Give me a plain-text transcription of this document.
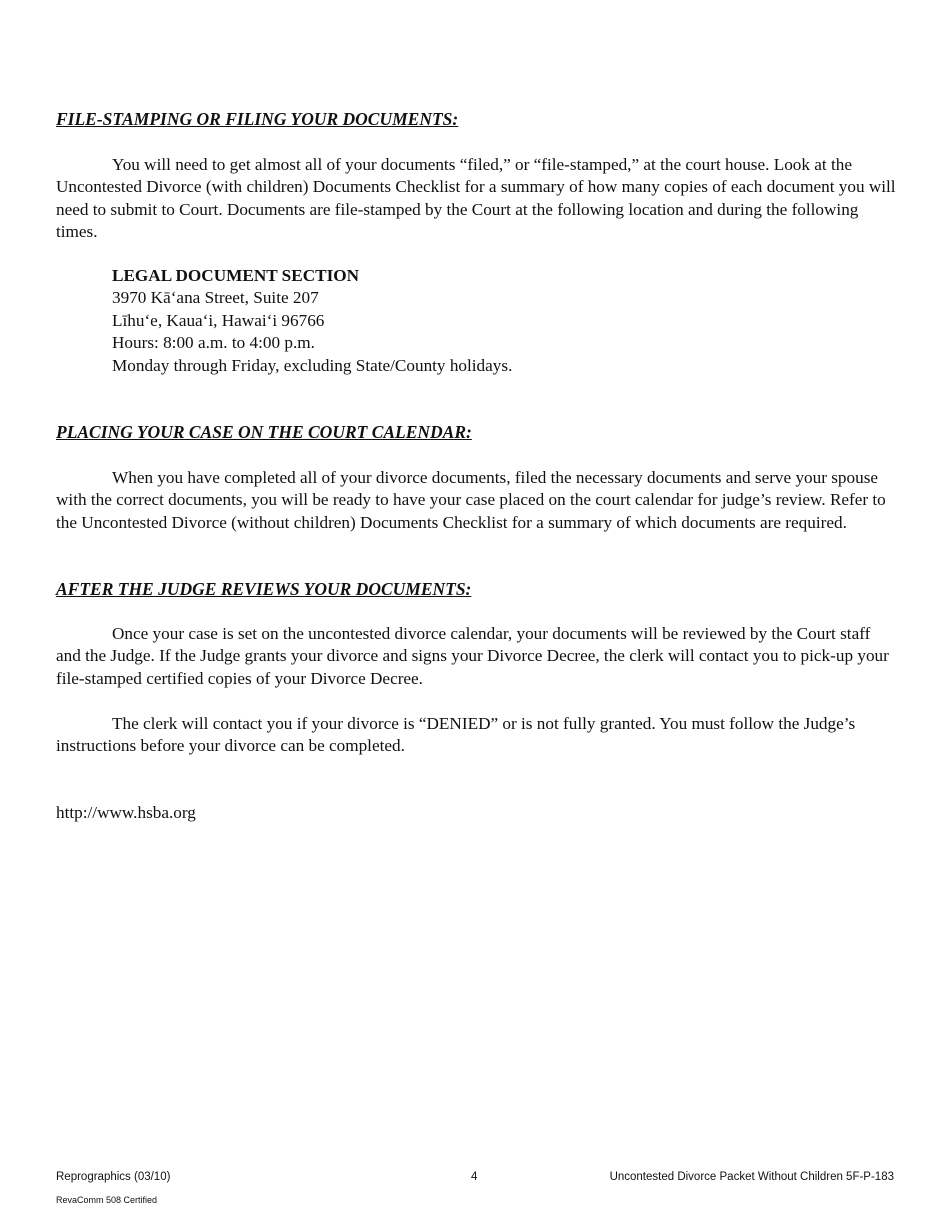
FILE-STAMPING OR FILING YOUR DOCUMENTS:

You will need to get almost all of your documents “filed,” or “file-stamped,” at the court house. Look at the Uncontested Divorce (with children) Documents Checklist for a summary of how many copies of each document you will need to submit to Court. Documents are file-stamped by the Court at the following location and during the following times.

LEGAL DOCUMENT SECTION
3970 Kāʻana Street, Suite 207
Līhuʻe, Kauaʻi, Hawaiʻi 96766
Hours: 8:00 a.m. to 4:00 p.m.
Monday through Friday, excluding State/County holidays.
PLACING YOUR CASE ON THE COURT CALENDAR:

When you have completed all of your divorce documents, filed the necessary documents and serve your spouse with the correct documents, you will be ready to have your case placed on the court calendar for judge’s review. Refer to the Uncontested Divorce (without children) Documents Checklist for a summary of which documents are required.

AFTER THE JUDGE REVIEWS YOUR DOCUMENTS:

Once your case is set on the uncontested divorce calendar, your documents will be reviewed by the Court staff and the Judge. If the Judge grants your divorce and signs your Divorce Decree, the clerk will contact you to pick-up your file-stamped certified copies of your Divorce Decree.

The clerk will contact you if your divorce is “DENIED” or is not fully granted. You must follow the Judge’s instructions before your divorce can be completed.

http://www.hsba.org
Reprographics (03/10)	4	Uncontested Divorce Packet Without Children 5F-P-183
RevaComm 508 Certified
